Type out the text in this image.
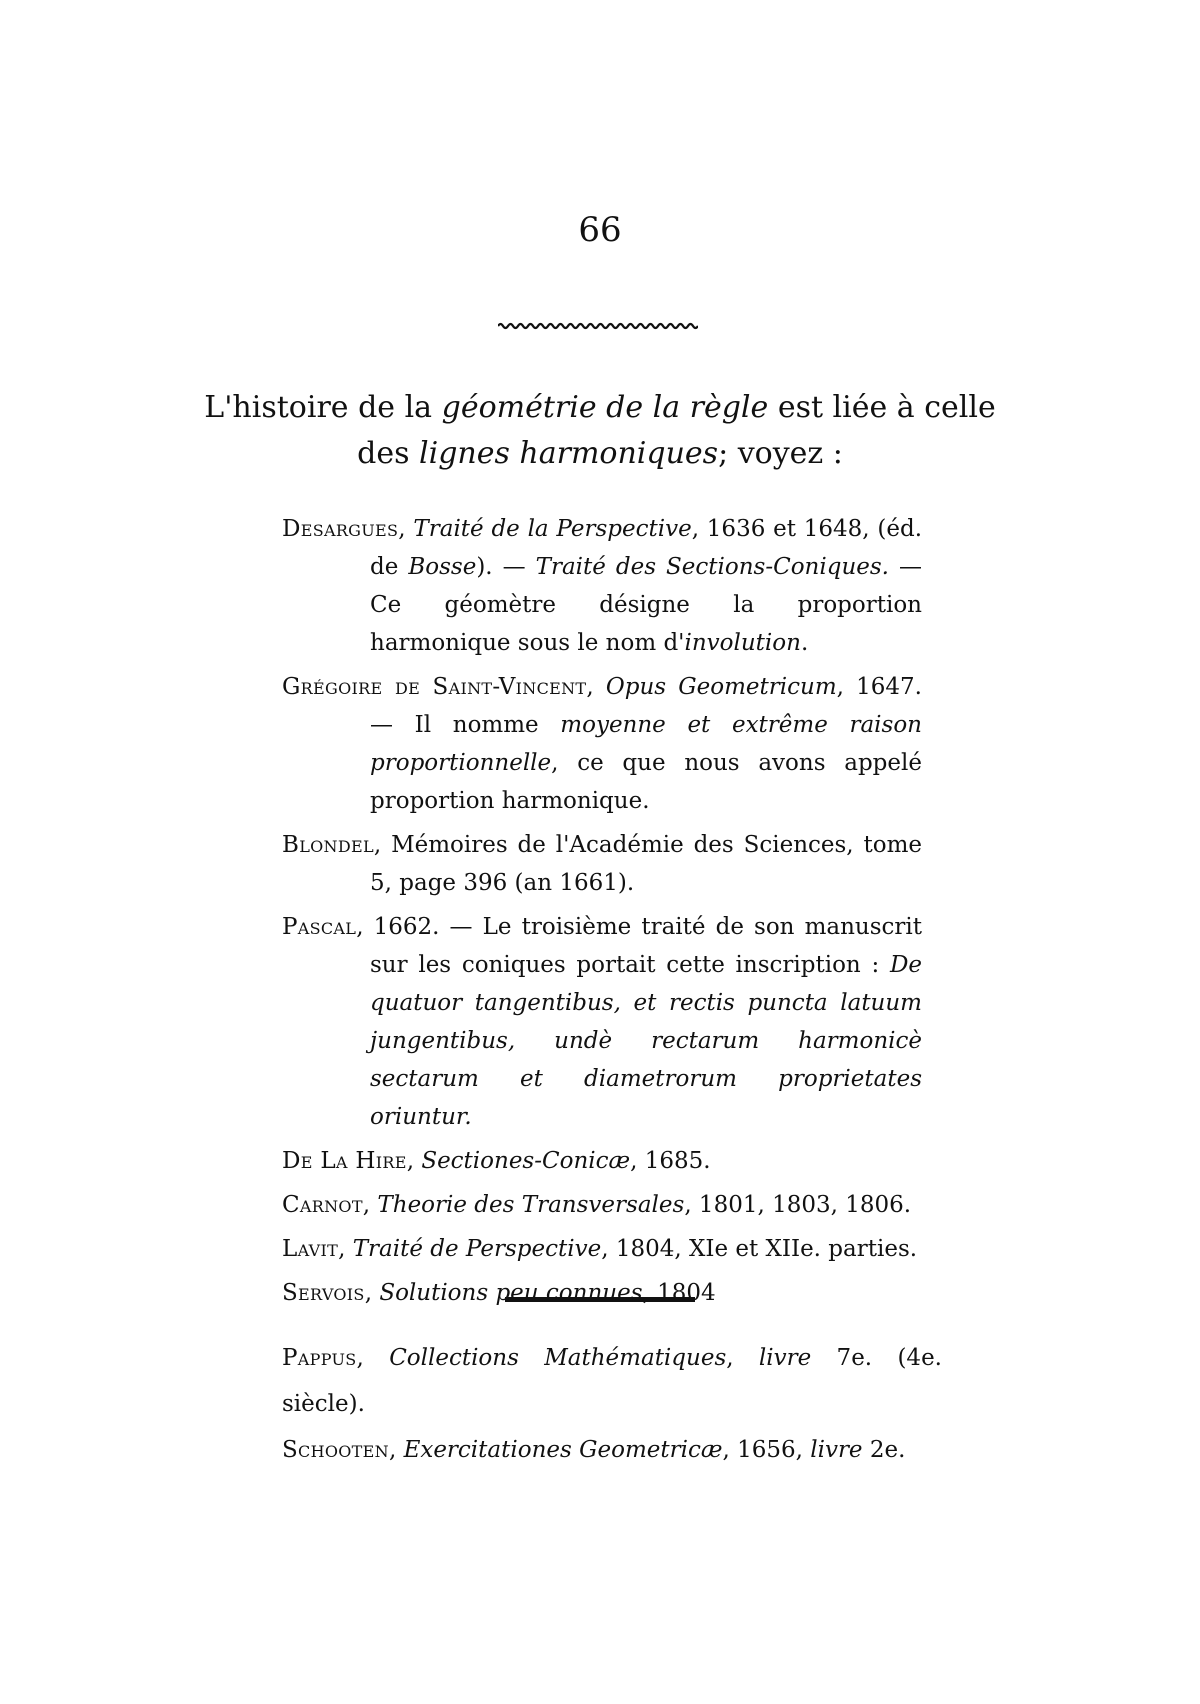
66
L'histoire de la géométrie de la règle est liée à celle des lignes harmoniques; voyez :
Desargues, Traité de la Perspective, 1636 et 1648, (éd. de Bosse). — Traité des Sections-Coniques. — Ce géomètre désigne la proportion harmonique sous le nom d'involution.
Grégoire de Saint-Vincent, Opus Geometricum, 1647. — Il nomme moyenne et extrême raison proportionnelle, ce que nous avons appelé proportion harmonique.
Blondel, Mémoires de l'Académie des Sciences, tome 5, page 396 (an 1661).
Pascal, 1662. — Le troisième traité de son manuscrit sur les coniques portait cette inscription : De quatuor tangentibus, et rectis puncta latuum jungentibus, undè rectarum harmonicè sectarum et diametrorum proprietates oriuntur.
De La Hire, Sectiones-Conicæ, 1685.
Carnot, Theorie des Transversales, 1801, 1803, 1806.
Lavit, Traité de Perspective, 1804, XIe et XIIe. parties.
Servois, Solutions peu connues, 1804
Pappus, Collections Mathématiques, livre 7e. (4e. siècle).
Schooten, Exercitationes Geometricæ, 1656, livre 2e.
